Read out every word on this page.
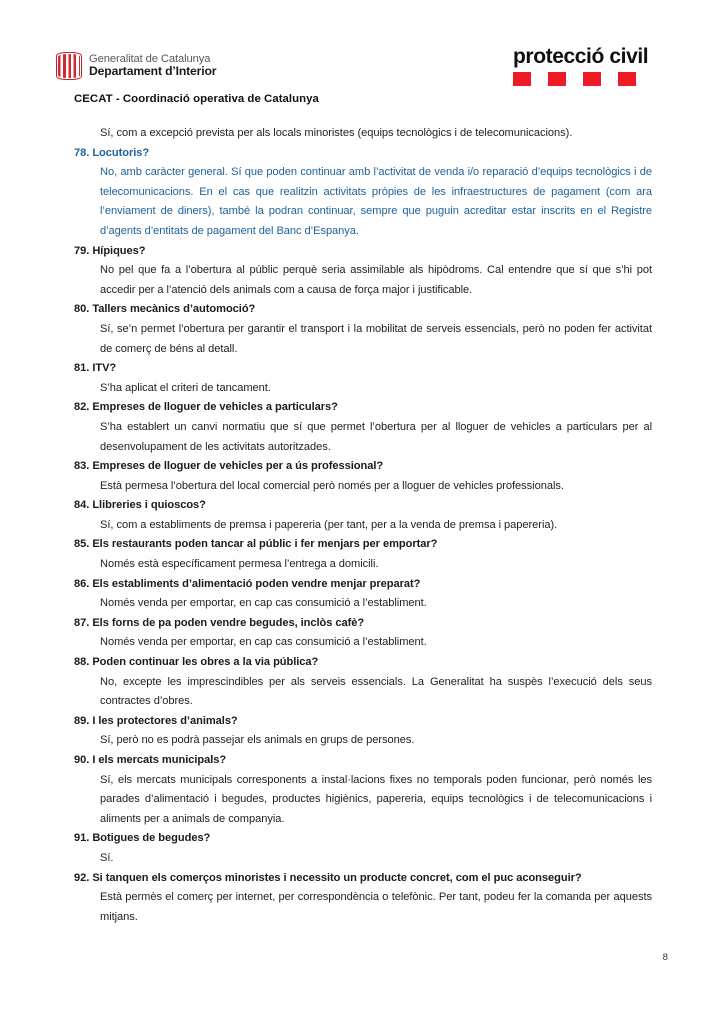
Generalitat de Catalunya
Departament d’Interior
protecció civil
CECAT - Coordinació operativa de Catalunya

Sí, com a excepció prevista per als locals minoristes (equips tecnològics i de telecomunicacions).

78. Locutoris?

No, amb caràcter general. Sí que poden continuar amb l’activitat de venda i/o reparació d’equips tecnològics i de telecomunicacions. En el cas que realitzin activitats pròpies de les infraestructures de pagament (com ara l’enviament de diners), també la podran continuar, sempre que puguin acreditar estar inscrits en el Registre d’agents d’entitats de pagament del Banc d’Espanya.

79. Hípiques?

No pel que fa a l’obertura al públic perquè seria assimilable als hipòdroms. Cal entendre que sí que s’hi pot accedir per a l’atenció dels animals com a causa de força major i justificable.

80. Tallers mecànics d’automoció?

Sí, se’n permet l’obertura per garantir el transport i la mobilitat de serveis essencials, però no poden fer activitat de comerç de béns al detall.

81. ITV?

S’ha aplicat el criteri de tancament.

82. Empreses de lloguer de vehicles a particulars?

S’ha establert un canvi normatiu que sí que permet l’obertura per al lloguer de vehicles a particulars per al desenvolupament de les activitats autoritzades.

83. Empreses de lloguer de vehicles per a ús professional?

Està permesa l’obertura del local comercial però només per a lloguer de vehicles professionals.

84. Llibreries i quioscos?

Sí, com a establiments de premsa i papereria (per tant, per a la venda de premsa i papereria).

85. Els restaurants poden tancar al públic i fer menjars per emportar?

Només està específicament permesa l’entrega a domicili.

86. Els establiments d’alimentació poden vendre menjar preparat?

Només venda per emportar, en cap cas consumició a l’establiment.

87. Els forns de pa poden vendre begudes, inclòs cafè?

Només venda per emportar, en cap cas consumició a l’establiment.

88. Poden continuar les obres a la via pública?

No, excepte les imprescindibles per als serveis essencials. La Generalitat ha suspès l’execució dels seus contractes d’obres.

89. I les protectores d’animals?

Sí, però no es podrà passejar els animals en grups de persones.

90. I els mercats municipals?

Sí, els mercats municipals corresponents a instal·lacions fixes no temporals poden funcionar, però només les parades d’alimentació i begudes, productes higiènics, papereria, equips tecnològics i de telecomunicacions i aliments per a animals de companyia.

91. Botigues de begudes?

Sí.

92. Si tanquen els comerços minoristes i necessito un producte concret, com el puc aconseguir?

Està permès el comerç per internet, per correspondència o telefònic. Per tant, podeu fer la comanda per aquests mitjans.

8
